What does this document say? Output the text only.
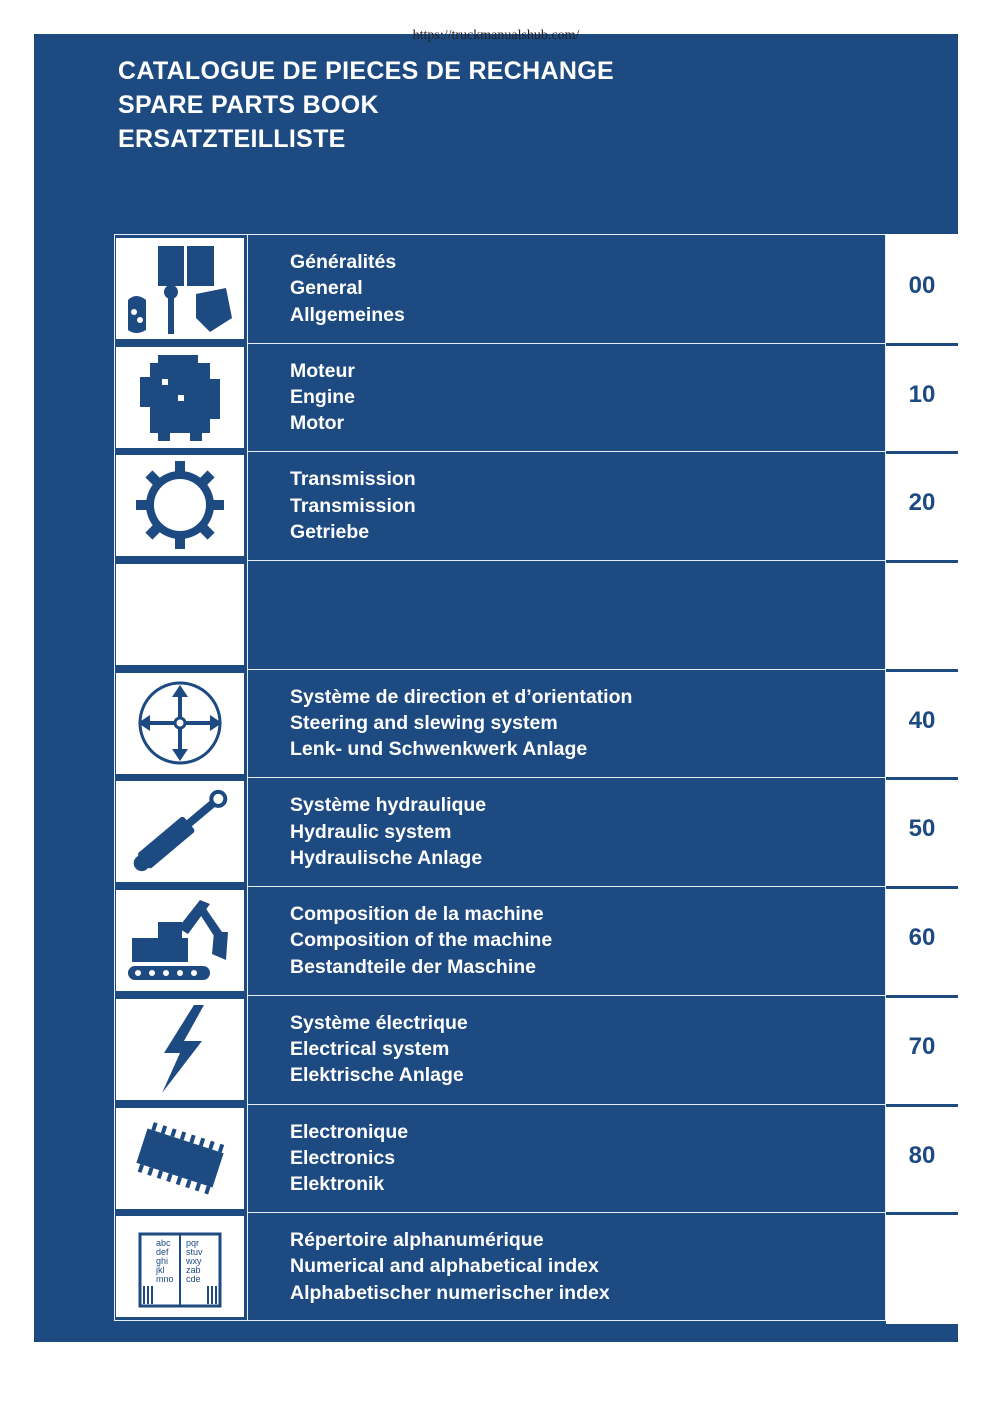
https://truckmanualshub.com/
CATALOGUE DE PIECES DE RECHANGE
SPARE PARTS BOOK
ERSATZTEILLISTE
Généralités
General
Allgemeines
00
Moteur
Engine
Motor
10
Transmission
Transmission
Getriebe
20
Système de direction et d’orientation
Steering and slewing system
Lenk- und Schwenkwerk Anlage
40
Système hydraulique
Hydraulic system
Hydraulische Anlage
50
Composition de la machine
Composition of the machine
Bestandteile der Maschine
60
Système électrique
Electrical system
Elektrische Anlage
70
Electronique
Electronics
Elektronik
80
abc
def
ghi
jkl
mno
pqr
stuv
wxy
zab
cde
Répertoire alphanumérique
Numerical and alphabetical index
Alphabetischer numerischer index
